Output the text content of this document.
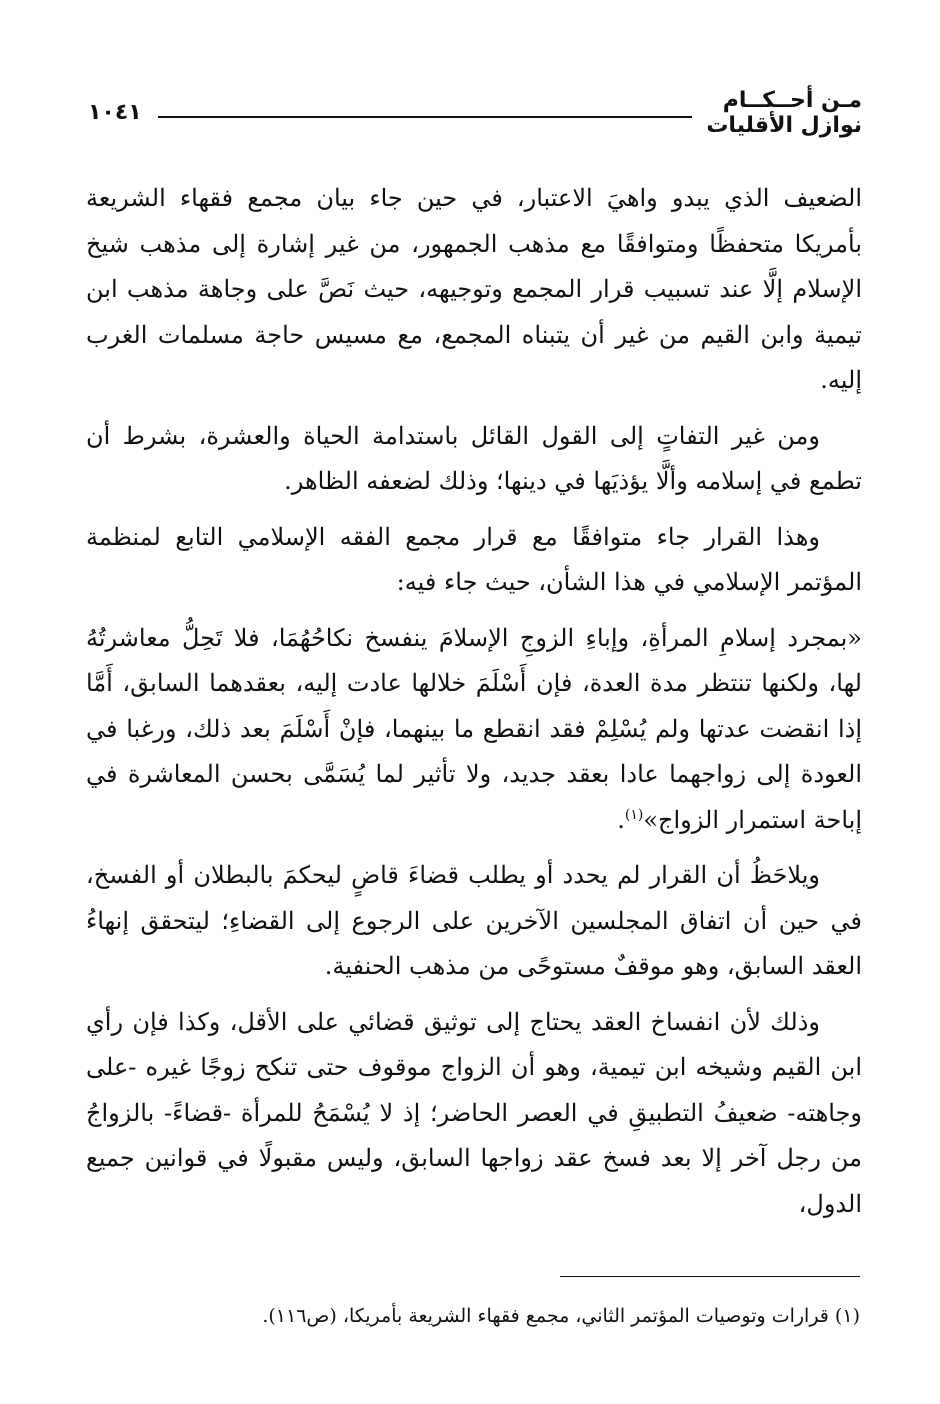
مـن أحــكــام
نوازل الأقليات
١٠٤١

الضعيف الذي يبدو واهيَ الاعتبار، في حين جاء بيان مجمع فقهاء الشريعة بأمريكا متحفظًا ومتوافقًا مع مذهب الجمهور، من غير إشارة إلى مذهب شيخ الإسلام إلَّا عند تسبيب قرار المجمع وتوجيهه، حيث نَصَّ على وجاهة مذهب ابن تيمية وابن القيم من غير أن يتبناه المجمع، مع مسيس حاجة مسلمات الغرب إليه.

ومن غير التفاتٍ إلى القول القائل باستدامة الحياة والعشرة، بشرط أن تطمع في إسلامه وألَّا يؤذيَها في دينها؛ وذلك لضعفه الظاهر.

وهذا القرار جاء متوافقًا مع قرار مجمع الفقه الإسلامي التابع لمنظمة المؤتمر الإسلامي في هذا الشأن، حيث جاء فيه:

«بمجرد إسلامِ المرأةِ، وإباءِ الزوجِ الإسلامَ ينفسخ نكاحُهُمَا، فلا تَحِلُّ معاشرتُهُ لها، ولكنها تنتظر مدة العدة، فإن أَسْلَمَ خلالها عادت إليه، بعقدهما السابق، أَمَّا إذا انقضت عدتها ولم يُسْلِمْ فقد انقطع ما بينهما، فإنْ أَسْلَمَ بعد ذلك، ورغبا في العودة إلى زواجهما عادا بعقد جديد، ولا تأثير لما يُسَمَّى بحسن المعاشرة في إباحة استمرار الزواج»$^{(١)}$.

ويلاحَظُ أن القرار لم يحدد أو يطلب قضاءَ قاضٍ ليحكمَ بالبطلان أو الفسخ، في حين أن اتفاق المجلسين الآخرين على الرجوع إلى القضاءِ؛ ليتحقق إنهاءُ العقد السابق، وهو موقفٌ مستوحًى من مذهب الحنفية.

وذلك لأن انفساخ العقد يحتاج إلى توثيق قضائي على الأقل، وكذا فإن رأي ابن القيم وشيخه ابن تيمية، وهو أن الزواج موقوف حتى تنكح زوجًا غيره -على وجاهته- ضعيفُ التطبيقِ في العصر الحاضر؛ إذ لا يُسْمَحُ للمرأة -قضاءً- بالزواجُ من رجل آخر إلا بعد فسخ عقد زواجها السابق، وليس مقبولًا في قوانين جميع الدول،

(١) قرارات وتوصيات المؤتمر الثاني، مجمع فقهاء الشريعة بأمريكا، (ص١١٦).
